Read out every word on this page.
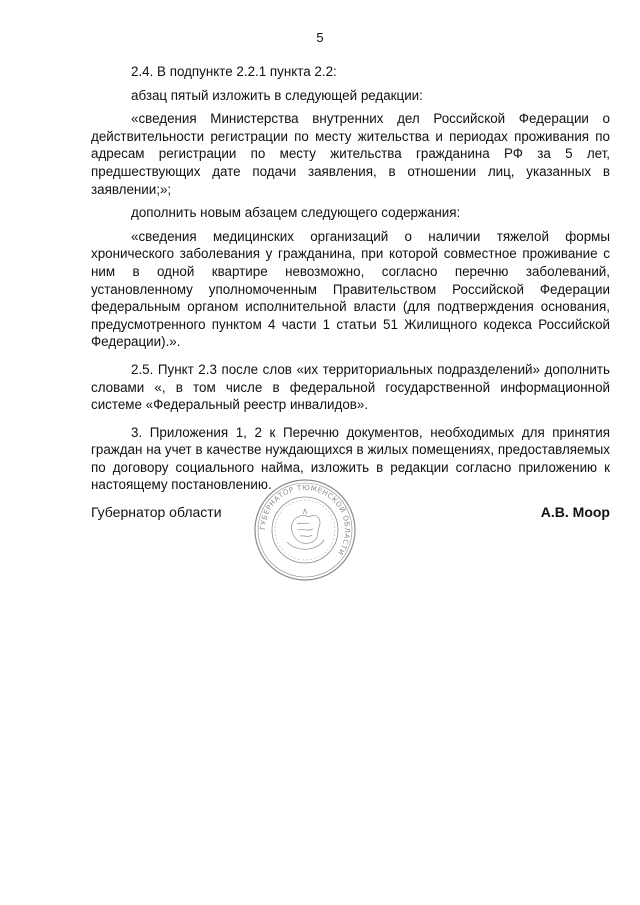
5

2.4. В подпункте 2.2.1 пункта 2.2:

абзац пятый изложить в следующей редакции:

«сведения Министерства внутренних дел Российской Федерации о действительности регистрации по месту жительства и периодах проживания по адресам регистрации по месту жительства гражданина РФ за 5 лет, предшествующих дате подачи заявления, в отношении лиц, указанных в заявлении;»;

дополнить новым абзацем следующего содержания:

«сведения медицинских организаций о наличии тяжелой формы хронического заболевания у гражданина, при которой совместное проживание с ним в одной квартире невозможно, согласно перечню заболеваний, установленному уполномоченным Правительством Российской Федерации федеральным органом исполнительной власти (для подтверждения основания, предусмотренного пунктом 4 части 1 статьи 51 Жилищного кодекса Российской Федерации).».

2.5. Пункт 2.3 после слов «их территориальных подразделений» дополнить словами «, в том числе в федеральной государственной информационной системе «Федеральный реестр инвалидов».

3. Приложения 1, 2 к Перечню документов, необходимых для принятия граждан на учет в качестве нуждающихся в жилых помещениях, предоставляемых по договору социального найма, изложить в редакции согласно приложению к настоящему постановлению.

Губернатор области	А.В. Моор
ГУБЕРНАТОР ТЮМЕНСКОЙ ОБЛАСТИ
